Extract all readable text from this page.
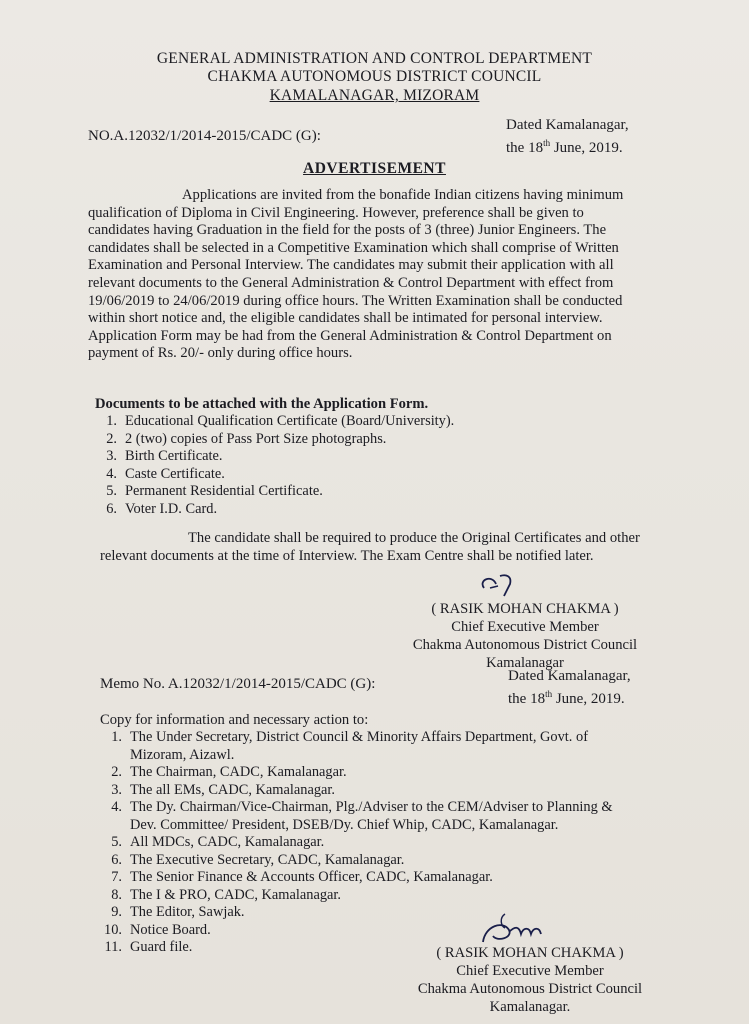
GENERAL ADMINISTRATION AND CONTROL DEPARTMENT
CHAKMA AUTONOMOUS DISTRICT COUNCIL
KAMALANAGAR, MIZORAM
NO.A.12032/1/2014-2015/CADC (G):
Dated Kamalanagar,
the 18th June, 2019.
ADVERTISEMENT
Applications are invited from the bonafide Indian citizens having minimum
qualification of Diploma in Civil Engineering. However, preference shall be given to
candidates having Graduation in the field for the posts of 3 (three) Junior Engineers. The
candidates shall be selected in a Competitive Examination which shall comprise of Written
Examination and Personal Interview. The candidates may submit their application with all
relevant documents to the General Administration & Control Department with effect from
19/06/2019 to 24/06/2019 during office hours. The Written Examination shall be conducted
within short notice and, the eligible candidates shall be intimated for personal interview.
Application Form may be had from the General Administration & Control Department on
payment of Rs. 20/- only during office hours.
Documents to be attached with the Application Form.
1. Educational Qualification Certificate (Board/University).
2. 2 (two) copies of Pass Port Size photographs.
3. Birth Certificate.
4. Caste Certificate.
5. Permanent Residential Certificate.
6. Voter I.D. Card.
The candidate shall be required to produce the Original Certificates and other
relevant documents at the time of Interview. The Exam Centre shall be notified later.
( RASIK MOHAN CHAKMA )
Chief Executive Member
Chakma Autonomous District Council
Kamalanagar
Memo No. A.12032/1/2014-2015/CADC (G):	Dated Kamalanagar,
the 18th June, 2019.
Copy for information and necessary action to:
1. The Under Secretary, District Council & Minority Affairs Department, Govt. of
Mizoram, Aizawl.
2. The Chairman, CADC, Kamalanagar.
3. The all EMs, CADC, Kamalanagar.
4. The Dy. Chairman/Vice-Chairman, Plg./Adviser to the CEM/Adviser to Planning &
Dev. Committee/ President, DSEB/Dy. Chief Whip, CADC, Kamalanagar.
5. All MDCs, CADC, Kamalanagar.
6. The Executive Secretary, CADC, Kamalanagar.
7. The Senior Finance & Accounts Officer, CADC, Kamalanagar.
8. The I & PRO, CADC, Kamalanagar.
9. The Editor, Sawjak.
10. Notice Board.
11. Guard file.	( RASIK MOHAN CHAKMA )
Chief Executive Member
Chakma Autonomous District Council
Kamalanagar.
